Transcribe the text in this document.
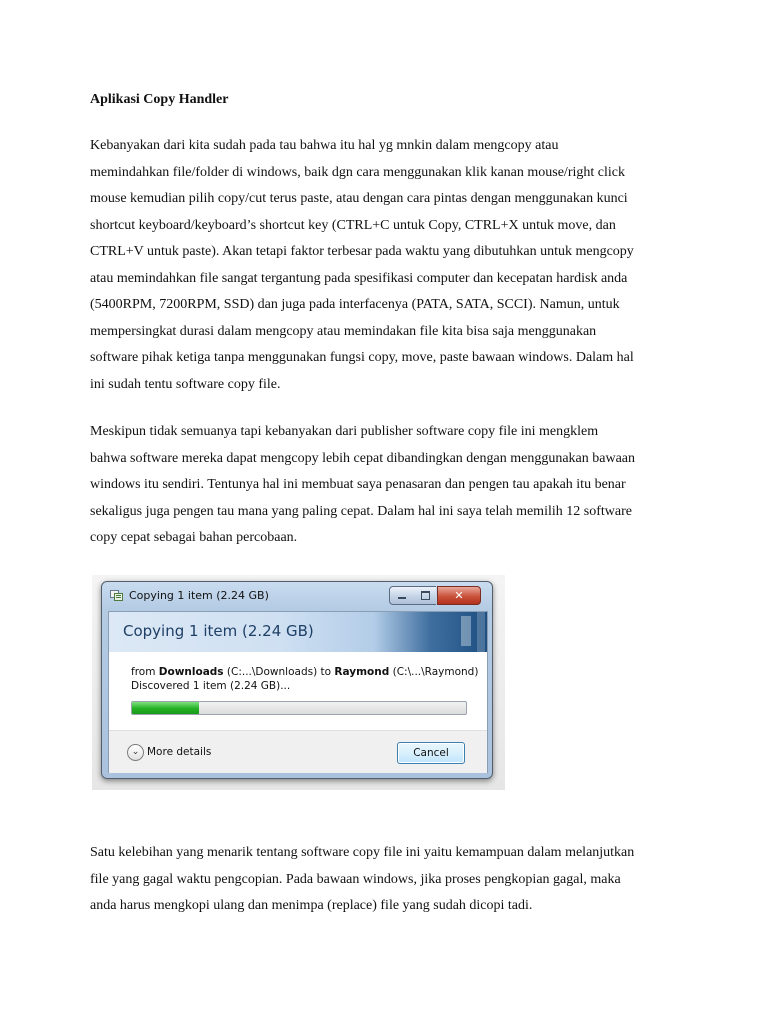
Aplikasi Copy Handler
Kebanyakan dari kita sudah pada tau bahwa itu hal yg mnkin dalam mengcopy atau
memindahkan file/folder di windows, baik dgn cara menggunakan klik kanan mouse/right click
mouse kemudian pilih copy/cut terus paste, atau dengan cara pintas dengan menggunakan kunci
shortcut keyboard/keyboard’s shortcut key (CTRL+C untuk Copy, CTRL+X untuk move, dan
CTRL+V untuk paste). Akan tetapi faktor terbesar pada waktu yang dibutuhkan untuk mengcopy
atau memindahkan file sangat tergantung pada spesifikasi computer dan kecepatan hardisk anda
(5400RPM, 7200RPM, SSD) dan juga pada interfacenya (PATA, SATA, SCCI). Namun, untuk
mempersingkat durasi dalam mengcopy atau memindakan file kita bisa saja menggunakan
software pihak ketiga tanpa menggunakan fungsi copy, move, paste bawaan windows. Dalam hal
ini sudah tentu software copy file.
Meskipun tidak semuanya tapi kebanyakan dari publisher software copy file ini mengklem
bahwa software mereka dapat mengcopy lebih cepat dibandingkan dengan menggunakan bawaan
windows itu sendiri. Tentunya hal ini membuat saya penasaran dan pengen tau apakah itu benar
sekaligus juga pengen tau mana yang paling cepat. Dalam hal ini saya telah memilih 12 software
copy cepat sebagai bahan percobaan.
Copying 1 item (2.24 GB)	✕
Copying 1 item (2.24 GB)
from Downloads (C:...\Downloads) to Raymond (C:\...\Raymond)
Discovered 1 item (2.24 GB)...
⌄ More details	Cancel
Satu kelebihan yang menarik tentang software copy file ini yaitu kemampuan dalam melanjutkan
file yang gagal waktu pengcopian. Pada bawaan windows, jika proses pengkopian gagal, maka
anda harus mengkopi ulang dan menimpa (replace) file yang sudah dicopi tadi.
